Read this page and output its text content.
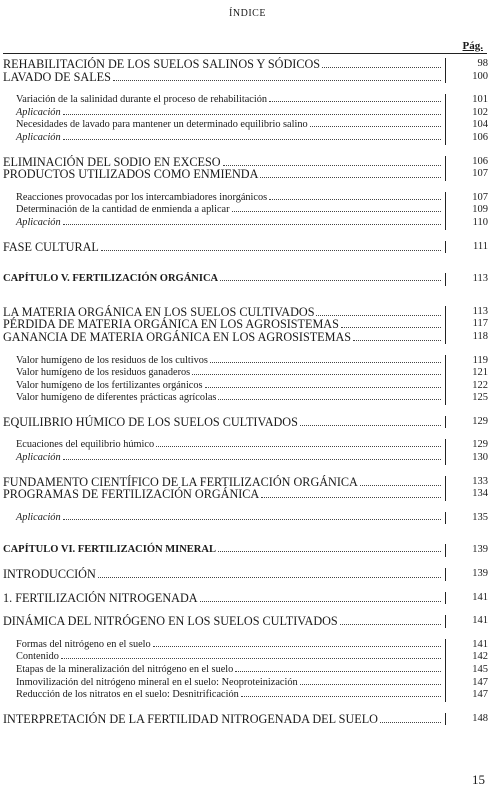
ÍNDICE
Pág.
REHABILITACIÓN DE LOS SUELOS SALINOS Y SÓDICOS	98
LAVADO DE SALES	100
Variación de la salinidad durante el proceso de rehabilitación	101
Aplicación	102
Necesidades de lavado para mantener un determinado equilibrio salino	104
Aplicación	106
ELIMINACIÓN DEL SODIO EN EXCESO	106
PRODUCTOS UTILIZADOS COMO ENMIENDA	107
Reacciones provocadas por los intercambiadores inorgánicos	107
Determinación de la cantidad de enmienda a aplicar	109
Aplicación	110
FASE CULTURAL	111
CAPÍTULO V. FERTILIZACIÓN ORGÁNICA	113
LA MATERIA ORGÁNICA EN LOS SUELOS CULTIVADOS	113
PÉRDIDA DE MATERIA ORGÁNICA EN LOS AGROSISTEMAS	117
GANANCIA DE MATERIA ORGÁNICA EN LOS AGROSISTEMAS	118
Valor humígeno de los residuos de los cultivos	119
Valor humígeno de los residuos ganaderos	121
Valor humígeno de los fertilizantes orgánicos	122
Valor humígeno de diferentes prácticas agrícolas	125
EQUILIBRIO HÚMICO DE LOS SUELOS CULTIVADOS	129
Ecuaciones del equilibrio húmico	129
Aplicación	130
FUNDAMENTO CIENTÍFICO DE LA FERTILIZACIÓN ORGÁNICA	133
PROGRAMAS DE FERTILIZACIÓN ORGÁNICA	134
Aplicación	135
CAPÍTULO VI. FERTILIZACIÓN MINERAL	139
INTRODUCCIÓN	139
1. FERTILIZACIÓN NITROGENADA	141
DINÁMICA DEL NITRÓGENO EN LOS SUELOS CULTIVADOS	141
Formas del nitrógeno en el suelo	141
Contenido	142
Etapas de la mineralización del nitrógeno en el suelo	145
Inmovilización del nitrógeno mineral en el suelo: Neoproteinización	147
Reducción de los nitratos en el suelo: Desnitrificación	147
INTERPRETACIÓN DE LA FERTILIDAD NITROGENADA DEL SUELO	148
15
